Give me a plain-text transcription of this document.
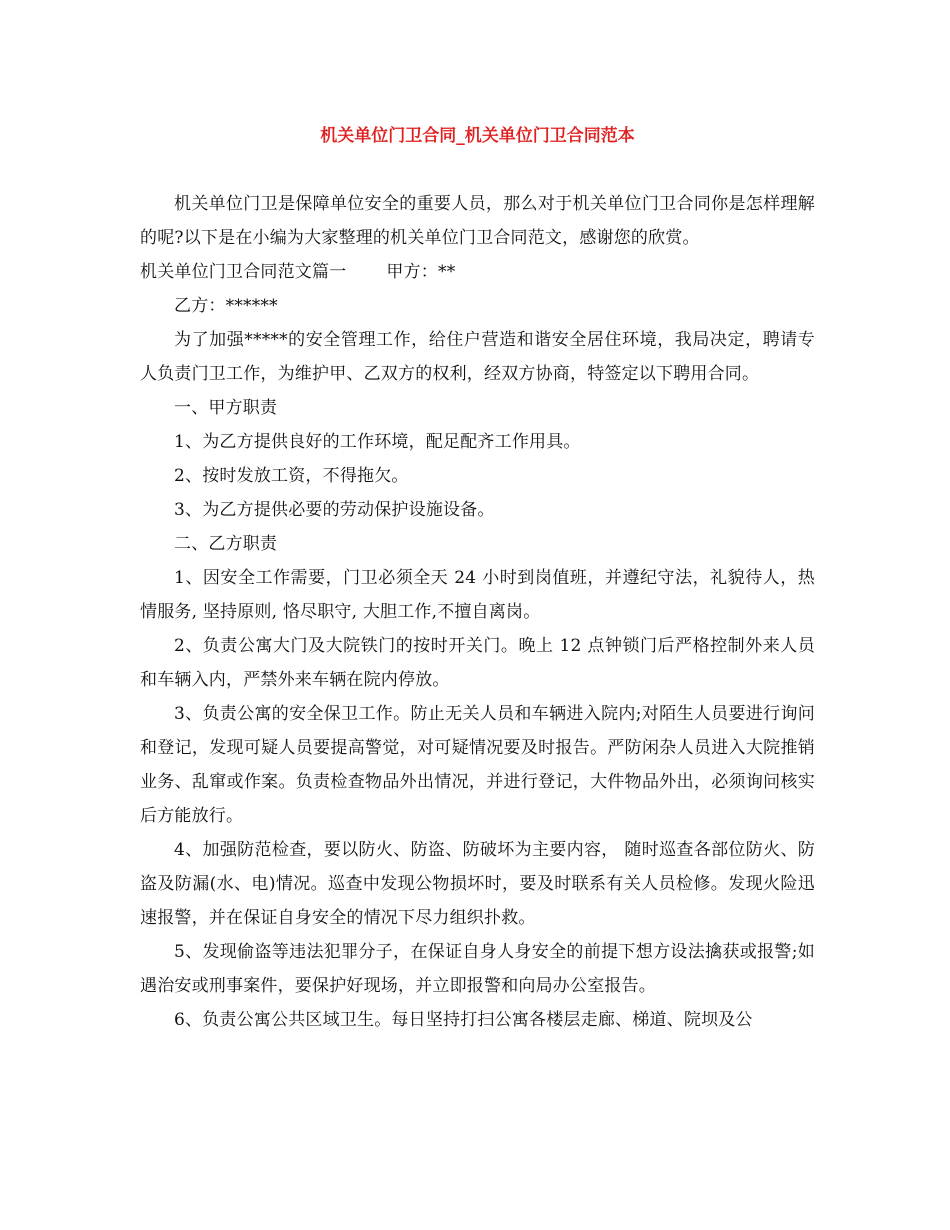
机关单位门卫合同_机关单位门卫合同范本

机关单位门卫是保障单位安全的重要人员，那么对于机关单位门卫合同你是怎样理解的呢?以下是在小编为大家整理的机关单位门卫合同范文，感谢您的欣赏。

机关单位门卫合同范文篇一 甲方：**

乙方：******

为了加强*****的安全管理工作，给住户营造和谐安全居住环境，我局决定，聘请专人负责门卫工作，为维护甲、乙双方的权利，经双方协商，特签定以下聘用合同。

一、甲方职责

1、为乙方提供良好的工作环境，配足配齐工作用具。

2、按时发放工资，不得拖欠。

3、为乙方提供必要的劳动保护设施设备。

二、乙方职责

1、因安全工作需要，门卫必须全天 24 小时到岗值班，并遵纪守法，礼貌待人，热情服务, 坚持原则, 恪尽职守, 大胆工作,不擅自离岗。

2、负责公寓大门及大院铁门的按时开关门。晚上 12 点钟锁门后严格控制外来人员和车辆入内，严禁外来车辆在院内停放。

3、负责公寓的安全保卫工作。防止无关人员和车辆进入院内;对陌生人员要进行询问和登记，发现可疑人员要提高警觉，对可疑情况要及时报告。严防闲杂人员进入大院推销业务、乱窜或作案。负责检查物品外出情况，并进行登记，大件物品外出，必须询问核实后方能放行。

4、加强防范检查，要以防火、防盗、防破坏为主要内容， 随时巡查各部位防火、防盗及防漏(水、电)情况。巡查中发现公物损坏时，要及时联系有关人员检修。发现火险迅速报警，并在保证自身安全的情况下尽力组织扑救。

5、发现偷盗等违法犯罪分子，在保证自身人身安全的前提下想方设法擒获或报警;如遇治安或刑事案件，要保护好现场，并立即报警和向局办公室报告。

6、负责公寓公共区域卫生。每日坚持打扫公寓各楼层走廊、梯道、院坝及公
